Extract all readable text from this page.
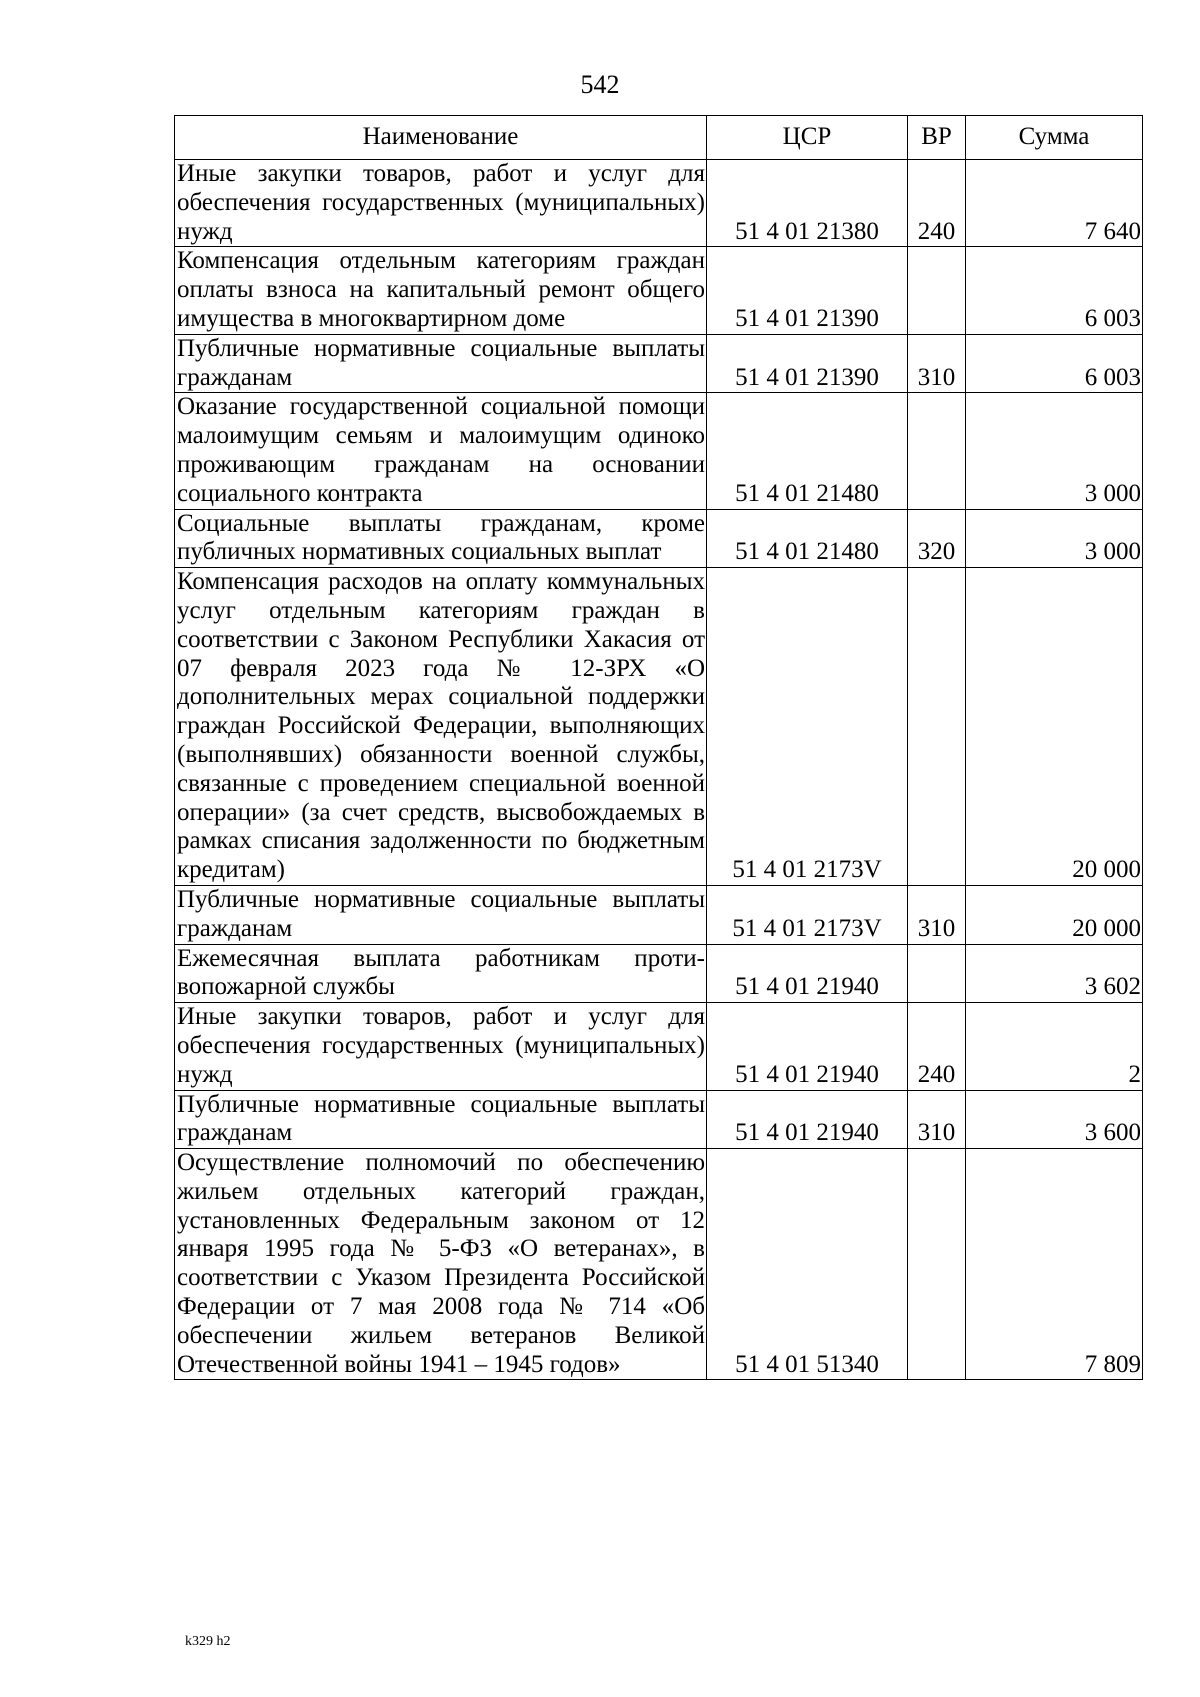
542
Наименование	ЦСР	ВР	Сумма
Иные закупки товаров, работ и услуг для обеспечения государственных (муниципальных) нужд	51 4 01 21380	240	7 640
Компенсация отдельным категориям граждан оплаты взноса на капитальный ремонт общего имущества в многоквартирном доме	51 4 01 21390		6 003
Публичные нормативные социальные выплаты гражданам	51 4 01 21390	310	6 003
Оказание государственной социальной помощи малоимущим семьям и малоимущим одиноко проживающим гражданам на основании социального контракта	51 4 01 21480		3 000
Социальные выплаты гражданам, кроме публичных нормативных социальных выплат	51 4 01 21480	320	3 000
Компенсация расходов на оплату коммунальных услуг отдельным категориям граждан в соответствии с Законом Республики Хакасия от 07 февраля 2023 года № 12-ЗРХ «О дополнительных мерах социальной поддержки граждан Российской Федерации, выполняющих (выполнявших) обязанности военной службы, связанные с проведением специальной военной операции» (за счет средств, высвобождаемых в рамках списания задолженности по бюджетным кредитам)	51 4 01 2173V		20 000
Публичные нормативные социальные выплаты гражданам	51 4 01 2173V	310	20 000
Ежемесячная выплата работникам противопожарной службы	51 4 01 21940		3 602
Иные закупки товаров, работ и услуг для обеспечения государственных (муниципальных) нужд	51 4 01 21940	240	2
Публичные нормативные социальные выплаты гражданам	51 4 01 21940	310	3 600
Осуществление полномочий по обеспечению жильем отдельных категорий граждан, установленных Федеральным законом от 12 января 1995 года № 5-ФЗ «О ветеранах», в соответствии с Указом Президента Российской Федерации от 7 мая 2008 года № 714 «Об обеспечении жильем ветеранов Великой Отечественной войны 1941 – 1945 годов»	51 4 01 51340		7 809
k329 h2
